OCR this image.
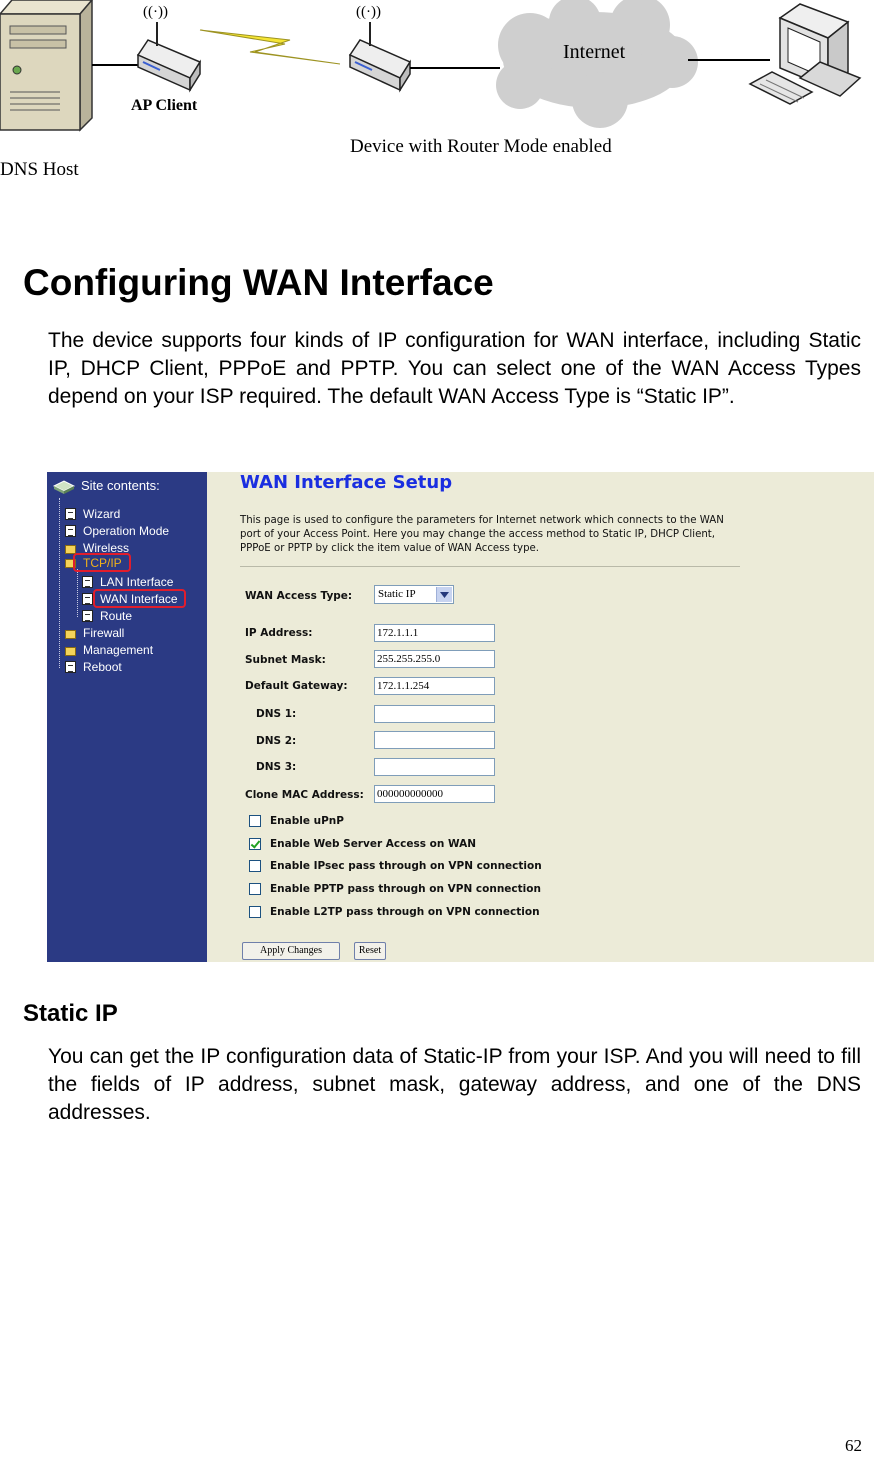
((·))	((·))
AP Client
Internet
Device with Router Mode enabled
DNS Host
Configuring WAN Interface

The device supports four kinds of IP configuration for WAN interface, including Static IP, DHCP Client, PPPoE and PPTP. You can select one of the WAN Access Types depend on your ISP required. The default WAN Access Type is “Static IP”.

Site contents:
Wizard
Operation Mode
Wireless
TCP/IP
LAN Interface
WAN Interface
Route
Firewall
Management
Reboot
WAN Interface Setup
This page is used to configure the parameters for Internet network which connects to the WAN port of your Access Point. Here you may change the access method to Static IP, DHCP Client, PPPoE or PPTP by click the item value of WAN Access type.
WAN Access Type:	Static IP
IP Address:	172.1.1.1
Subnet Mask:	255.255.255.0
Default Gateway:	172.1.1.254
DNS 1:
DNS 2:
DNS 3:
Clone MAC Address: 000000000000
Enable uPnP
Enable Web Server Access on WAN
Enable IPsec pass through on VPN connection
Enable PPTP pass through on VPN connection
Enable L2TP pass through on VPN connection
Apply Changes	Reset
Static IP

You can get the IP configuration data of Static-IP from your ISP. And you will need to fill the fields of IP address, subnet mask, gateway address, and one of the DNS addresses.

62
